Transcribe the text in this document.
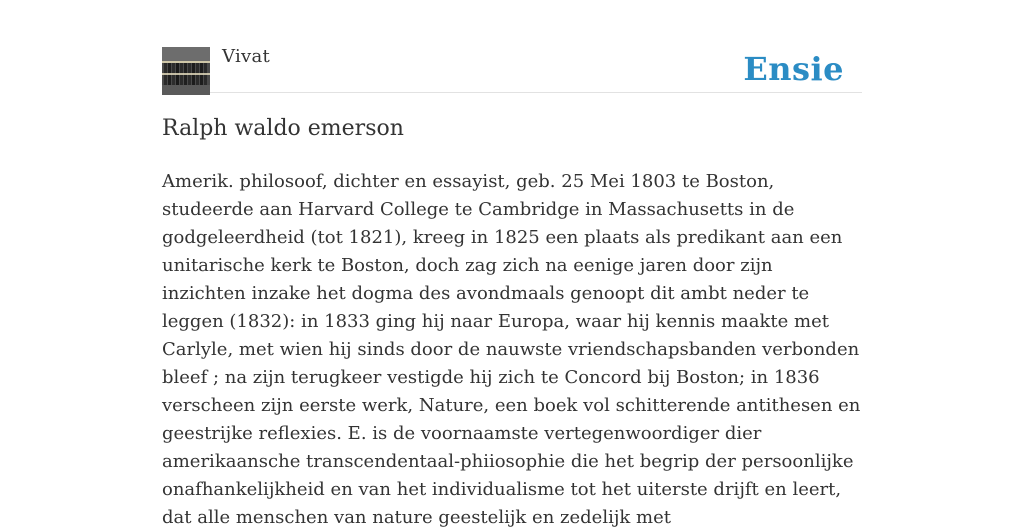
Vivat	Ensie
Ralph waldo emerson

Amerik. philosoof, dichter en essayist, geb. 25 Mei 1803 te Boston, studeerde aan Harvard College te Cambridge in Massachusetts in de godgeleerdheid (tot 1821), kreeg in 1825 een plaats als predikant aan een unitarische kerk te Boston, doch zag zich na eenige jaren door zijn inzichten inzake het dogma des avondmaals genoopt dit ambt neder te leggen (1832): in 1833 ging hij naar Europa, waar hij kennis maakte met Carlyle, met wien hij sinds door de nauwste vriendschapsbanden verbonden bleef ; na zijn terugkeer vestigde hij zich te Concord bij Boston; in 1836 verscheen zijn eerste werk, Nature, een boek vol schitterende antithesen en geestrijke reflexies. E. is de voornaamste vertegenwoordiger dier amerikaansche transcendentaal-phiiosophie die het begrip der persoonlijke onafhankelijkheid en van het individualisme tot het uiterste drijft en leert, dat alle menschen van nature geestelijk en zedelijk met
